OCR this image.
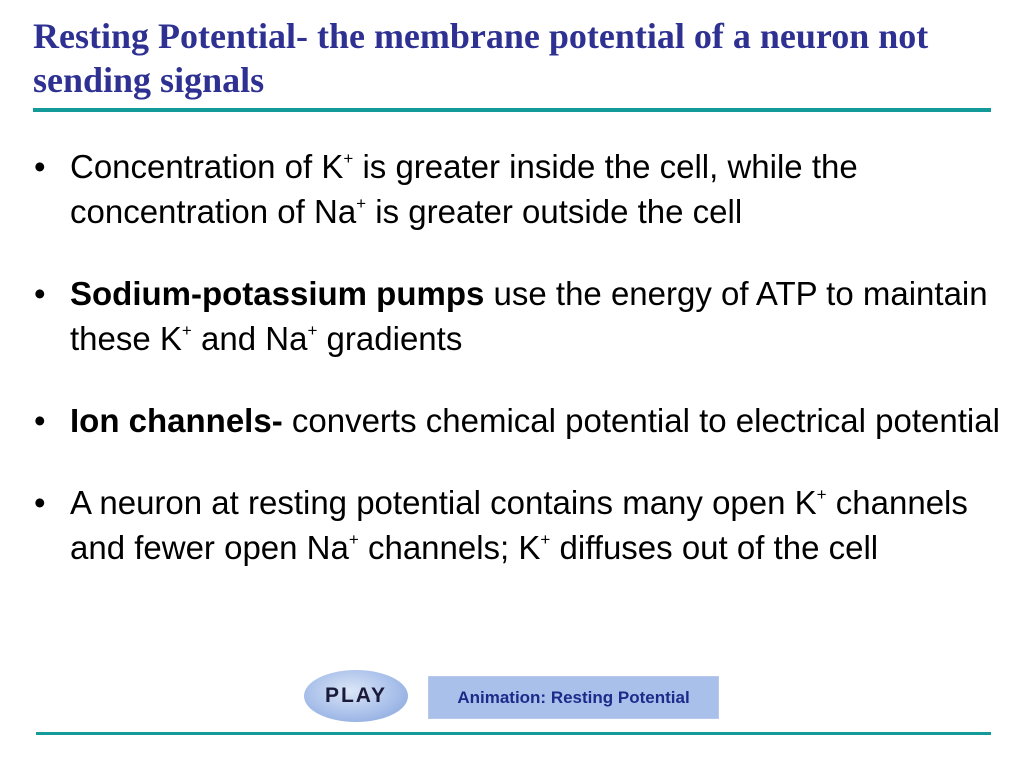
Resting Potential- the membrane potential of a neuron not sending signals
• Concentration of K+ is greater inside the cell, while the concentration of Na+ is greater outside the cell
• Sodium-potassium pumps use the energy of ATP to maintain these K+ and Na+ gradients
• Ion channels- converts chemical potential to electrical potential
• A neuron at resting potential contains many open K+ channels and fewer open Na+ channels; K+ diffuses out of the cell
PLAY	Animation: Resting Potential
